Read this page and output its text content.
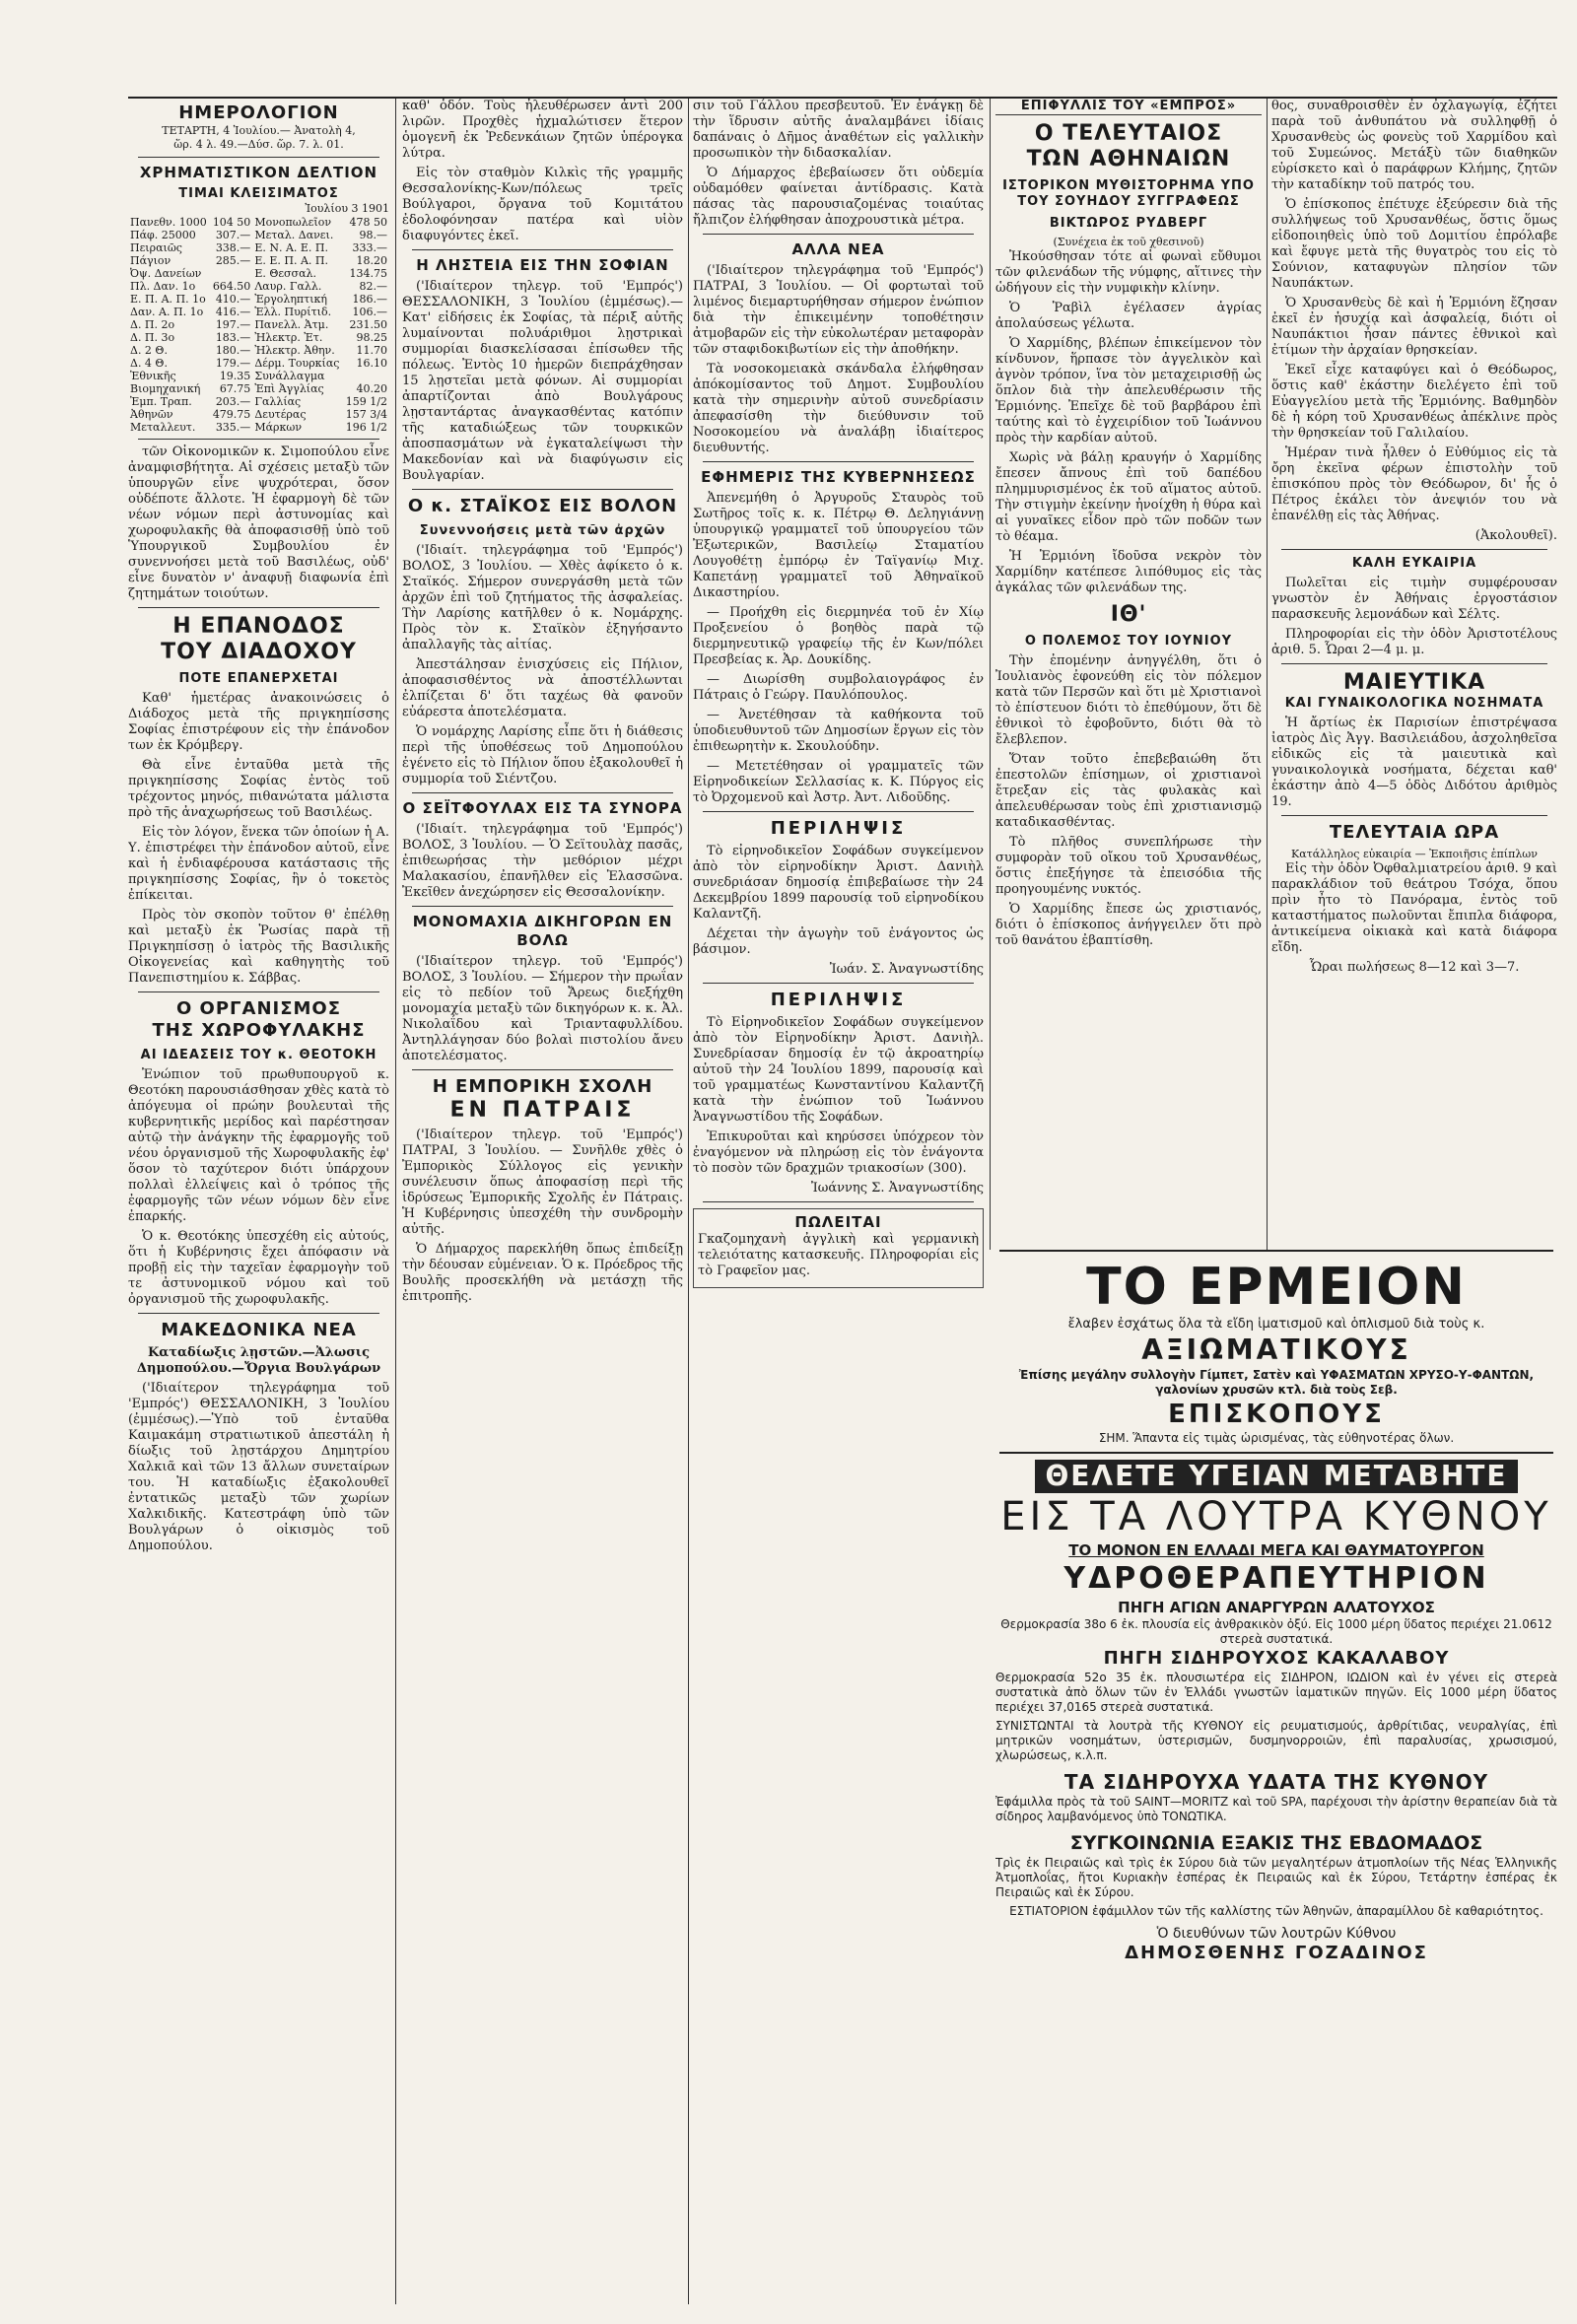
ΗΜΕΡΟΛΟΓΙΟΝ
ΤΕΤΑΡΤΗ, 4 Ἰουλίου.— Ἀνατολὴ 4,
ὥρ. 4 λ. 49.—Δύσ. ὥρ. 7. λ. 01.
ΧΡΗΜΑΤΙΣΤΙΚΟΝ ΔΕΛΤΙΟΝ
ΤΙΜΑΙ ΚΛΕΙΣΙΜΑΤΟΣ
Ἰουλίου 3 1901
Πανεθν. 1000	104 50	Μονοπωλεῖον	478 50
Πάφ. 25000	307.—	Μεταλ. Δανει.	98.—
Πειραιῶς	338.—	Ε. Ν. Α. Ε. Π.	333.—
Πάγιον	285.—	Ε. Ε. Π. Α. Π.	18.20
Ὀψ. Δανείων		Ε. Θεσσαλ.	134.75
Πλ. Δαν. 1ο	664.50	Λαυρ. Γαλλ.	82.—
Ε. Π. Α. Π. 1ο	410.—	Ἐργοληπτική	186.—
Δαν. Α. Π. 1ο	416.—	Ἑλλ. Πυρίτιδ.	106.—
Δ. Π. 2ο	197.—	Πανελλ. Ἀτμ.	231.50
Δ. Π. 3ο	183.—	Ἠλεκτρ. Ἐτ.	98.25
Δ. 2 Θ.	180.—	Ἠλεκτρ. Ἀθην.	11.70
Δ. 4 Θ.	179.—	Δέρμ. Τουρκίας	16.10
Ἐθνικῆς	19.35	Συνάλλαγμα	
Βιομηχανική	67.75	Ἐπὶ Ἀγγλίας	40.20
Ἐμπ. Τραπ.	203.—	Γαλλίας	159 1/2
Ἀθηνῶν	479.75	Δευτέρας	157 3/4
Μεταλλευτ.	335.—	Μάρκων	196 1/2

τῶν Οἰκονομικῶν κ. Σιμοπούλου εἶνε ἀναμφισβήτητα. Αἱ σχέσεις μεταξὺ τῶν ὑπουργῶν εἶνε ψυχρότεραι, ὅσον οὐδέποτε ἄλλοτε. Ἡ ἐφαρμογὴ δὲ τῶν νέων νόμων περὶ ἀστυνομίας καὶ χωροφυλακῆς θὰ ἀποφασισθῇ ὑπὸ τοῦ Ὑπουργικοῦ Συμβουλίου ἐν συνεννοήσει μετὰ τοῦ Βασιλέως, οὐδ' εἶνε δυνατὸν ν' ἀναφυῇ διαφωνία ἐπὶ ζητημάτων τοιούτων.

Η ΕΠΑΝΟΔΟΣ
ΤΟΥ ΔΙΑΔΟΧΟΥ
ΠΟΤΕ ΕΠΑΝΕΡΧΕΤΑΙ

Καθ' ἡμετέρας ἀνακοινώσεις ὁ Διάδοχος μετὰ τῆς πριγκηπίσσης Σοφίας ἐπιστρέφουν εἰς τὴν ἐπάνοδον των ἐκ Κρόμβεργ.

Θὰ εἶνε ἐνταῦθα μετὰ τῆς πριγκηπίσσης Σοφίας ἐντὸς τοῦ τρέχοντος μηνός, πιθανώτατα μάλιστα πρὸ τῆς ἀναχωρήσεως τοῦ Βασιλέως.

Εἰς τὸν λόγον, ἕνεκα τῶν ὁποίων ἡ Α. Υ. ἐπιστρέφει τὴν ἐπάνοδον αὐτοῦ, εἶνε καὶ ἡ ἐνδιαφέρουσα κατάστασις τῆς πριγκηπίσσης Σοφίας, ἣν ὁ τοκετὸς ἐπίκειται.

Πρὸς τὸν σκοπὸν τοῦτον θ' ἐπέλθῃ καὶ μεταξὺ ἐκ Ῥωσίας παρὰ τῇ Πριγκηπίσσῃ ὁ ἰατρὸς τῆς Βασιλικῆς Οἰκογενείας καὶ καθηγητὴς τοῦ Πανεπιστημίου κ. Σάββας.

Ο ΟΡΓΑΝΙΣΜΟΣ
ΤΗΣ ΧΩΡΟΦΥΛΑΚΗΣ
ΑΙ ΙΔΕΑΣΕΙΣ ΤΟΥ κ. ΘΕΟΤΟΚΗ

Ἐνώπιον τοῦ πρωθυπουργοῦ κ. Θεοτόκη παρουσιάσθησαν χθὲς κατὰ τὸ ἀπόγευμα οἱ πρώην βουλευταὶ τῆς κυβερνητικῆς μερίδος καὶ παρέστησαν αὐτῷ τὴν ἀνάγκην τῆς ἐφαρμογῆς τοῦ νέου ὀργανισμοῦ τῆς Χωροφυλακῆς ἐφ' ὅσον τὸ ταχύτερον διότι ὑπάρχουν πολλαὶ ἐλλείψεις καὶ ὁ τρόπος τῆς ἐφαρμογῆς τῶν νέων νόμων δὲν εἶνε ἐπαρκής.

Ὁ κ. Θεοτόκης ὑπεσχέθη εἰς αὐτούς, ὅτι ἡ Κυβέρνησις ἔχει ἀπόφασιν νὰ προβῇ εἰς τὴν ταχεῖαν ἐφαρμογὴν τοῦ τε ἀστυνομικοῦ νόμου καὶ τοῦ ὀργανισμοῦ τῆς χωροφυλακῆς.

ΜΑΚΕΔΟΝΙΚΑ ΝΕΑ

Καταδίωξις λῃστῶν.—Ἀλωσις Δημοπούλου.—Ὄργια Βουλγάρων

('Ιδιαίτερον τηλεγράφημα τοῦ 'Εμπρός') ΘΕΣΣΑΛΟΝΙΚΗ, 3 Ἰουλίου (ἐμμέσως).—Ὑπὸ τοῦ ἐνταῦθα Καιμακάμη στρατιωτικοῦ ἀπεστάλη ἡ δίωξις τοῦ λῃστάρχου Δημητρίου Χαλκιᾶ καὶ τῶν 13 ἄλλων συνεταίρων του. Ἡ καταδίωξις ἐξακολουθεῖ ἐντατικῶς μεταξὺ τῶν χωρίων Χαλκιδικῆς. Κατεστράφη ὑπὸ τῶν Βουλγάρων ὁ οἰκισμὸς τοῦ Δημοπούλου.

καθ' ὁδόν. Τοὺς ἠλευθέρωσεν ἀντὶ 200 λιρῶν. Προχθὲς ἠχμαλώτισεν ἕτερον ὁμογενῆ ἐκ Ῥεδενκάιων ζητῶν ὑπέρογκα λύτρα.

Εἰς τὸν σταθμὸν Κιλκὶς τῆς γραμμῆς Θεσσαλονίκης-Κων/πόλεως τρεῖς Βούλγαροι, ὄργανα τοῦ Κομιτάτου ἐδολοφόνησαν πατέρα καὶ υἱὸν διαφυγόντες ἐκεῖ.

Η ΛΗΣΤΕΙΑ ΕΙΣ ΤΗΝ ΣΟΦΙΑΝ

('Ιδιαίτερον τηλεγρ. τοῦ 'Εμπρός') ΘΕΣΣΑΛΟΝΙΚΗ, 3 Ἰουλίου (ἐμμέσως).—Κατ' εἰδήσεις ἐκ Σοφίας, τὰ πέριξ αὐτῆς λυμαίνονται πολυάριθμοι λῃστρικαὶ συμμορίαι διασκελίσασαι ἐπίσωθεν τῆς πόλεως. Ἐντὸς 10 ἡμερῶν διεπράχθησαν 15 λῃστεῖαι μετὰ φόνων. Αἱ συμμορίαι ἀπαρτίζονται ἀπὸ Βουλγάρους λῃσταντάρτας ἀναγκασθέντας κατόπιν τῆς καταδιώξεως τῶν τουρκικῶν ἀποσπασμάτων νὰ ἐγκαταλείψωσι τὴν Μακεδονίαν καὶ νὰ διαφύγωσιν εἰς Βουλγαρίαν.

Ο κ. ΣΤΑΪΚΟΣ ΕΙΣ ΒΟΛΟΝ
Συνεννοήσεις μετὰ τῶν ἀρχῶν

('Ιδιαίτ. τηλεγράφημα τοῦ 'Εμπρός') ΒΟΛΟΣ, 3 Ἰουλίου. — Χθὲς ἀφίκετο ὁ κ. Σταϊκός. Σήμερον συνεργάσθη μετὰ τῶν ἀρχῶν ἐπὶ τοῦ ζητήματος τῆς ἀσφαλείας. Τὴν Λαρίσης κατῆλθεν ὁ κ. Νομάρχης. Πρὸς τὸν κ. Σταϊκὸν ἐξηγήσαντο ἀπαλλαγῆς τὰς αἰτίας.

Ἀπεστάλησαν ἐνισχύσεις εἰς Πήλιον, ἀποφασισθέντος νὰ ἀποστέλλωνται ἐλπίζεται δ' ὅτι ταχέως θὰ φανοῦν εὐάρεστα ἀποτελέσματα.

Ὁ νομάρχης Λαρίσης εἶπε ὅτι ἡ διάθεσις περὶ τῆς ὑποθέσεως τοῦ Δημοπούλου ἐγένετο εἰς τὸ Πήλιον ὅπου ἐξακολουθεῖ ἡ συμμορία τοῦ Σιέντζου.

Ο ΣΕΪΤΦΟΥΛΑΧ ΕΙΣ ΤΑ ΣΥΝΟΡΑ

('Ιδιαίτ. τηλεγράφημα τοῦ 'Εμπρός') ΒΟΛΟΣ, 3 Ἰουλίου. — Ὁ Σεϊτουλὰχ πασᾶς, ἐπιθεωρήσας τὴν μεθόριον μέχρι Μαλακασίου, ἐπανῆλθεν εἰς Ἐλασσῶνα. Ἐκεῖθεν ἀνεχώρησεν εἰς Θεσσαλονίκην.

ΜΟΝΟΜΑΧΙΑ ΔΙΚΗΓΟΡΩΝ ΕΝ ΒΟΛΩ

('Ιδιαίτερον τηλεγρ. τοῦ 'Εμπρός') ΒΟΛΟΣ, 3 Ἰουλίου. — Σήμερον τὴν πρωΐαν εἰς τὸ πεδίον τοῦ Ἄρεως διεξήχθη μονομαχία μεταξὺ τῶν δικηγόρων κ. κ. Ἀλ. Νικολαΐδου καὶ Τριανταφυλλίδου. Ἀντηλλάγησαν δύο βολαὶ πιστολίου ἄνευ ἀποτελέσματος.

Η ΕΜΠΟΡΙΚΗ ΣΧΟΛΗ
ΕΝ ΠΑΤΡΑΙΣ

('Ιδιαίτερον τηλεγρ. τοῦ 'Εμπρός') ΠΑΤΡΑΙ, 3 Ἰουλίου. — Συνῆλθε χθὲς ὁ Ἐμπορικὸς Σύλλογος εἰς γενικὴν συνέλευσιν ὅπως ἀποφασίσῃ περὶ τῆς ἱδρύσεως Ἐμπορικῆς Σχολῆς ἐν Πάτραις. Ἡ Κυβέρνησις ὑπεσχέθη τὴν συνδρομὴν αὐτῆς.

Ὁ Δήμαρχος παρεκλήθη ὅπως ἐπιδείξῃ τὴν δέουσαν εὐμένειαν. Ὁ κ. Πρόεδρος τῆς Βουλῆς προσεκλήθη νὰ μετάσχῃ τῆς ἐπιτροπῆς.

σιν τοῦ Γάλλου πρεσβευτοῦ. Ἐν ἐνάγκῃ δὲ τὴν ἵδρυσιν αὐτῆς ἀναλαμβάνει ἰδίαις δαπάναις ὁ Δῆμος ἀναθέτων εἰς γαλλικὴν προσωπικὸν τὴν διδασκαλίαν.

Ὁ Δήμαρχος ἐβεβαίωσεν ὅτι οὐδεμία οὐδαμόθεν φαίνεται ἀντίδρασις. Κατὰ πάσας τὰς παρουσιαζομένας τοιαύτας ἤλπιζον ἐλήφθησαν ἀποχρουστικὰ μέτρα.

ΑΛΛΑ ΝΕΑ

('Ιδιαίτερον τηλεγράφημα τοῦ 'Εμπρός') ΠΑΤΡΑΙ, 3 Ἰουλίου. — Οἱ φορτωταὶ τοῦ λιμένος διεμαρτυρήθησαν σήμερον ἐνώπιον διὰ τὴν ἐπικειμένην τοποθέτησιν ἀτμοβαρῶν εἰς τὴν εὐκολωτέραν μεταφορὰν τῶν σταφιδοκιβωτίων εἰς τὴν ἀποθήκην.

Τὰ νοσοκομειακὰ σκάνδαλα ἐλήφθησαν ἀπόκομίσαντος τοῦ Δημοτ. Συμβουλίου κατὰ τὴν σημερινὴν αὐτοῦ συνεδρίασιν ἀπεφασίσθη τὴν διεύθυνσιν τοῦ Νοσοκομείου νὰ ἀναλάβῃ ἰδιαίτερος διευθυντής.

ΕΦΗΜΕΡΙΣ ΤΗΣ ΚΥΒΕΡΝΗΣΕΩΣ

Ἀπενεμήθη ὁ Ἀργυροῦς Σταυρὸς τοῦ Σωτῆρος τοῖς κ. κ. Πέτρῳ Θ. Δεληγιάννῃ ὑπουργικῷ γραμματεῖ τοῦ ὑπουργείου τῶν Ἐξωτερικῶν, Βασιλείῳ Σταματίου Λουγοθέτῃ ἐμπόρῳ ἐν Ταϊγανίῳ Μιχ. Καπετάνῃ γραμματεῖ τοῦ Ἀθηναϊκοῦ Δικαστηρίου.

— Προήχθη εἰς διερμηνέα τοῦ ἐν Χίῳ Προξενείου ὁ βοηθὸς παρὰ τῷ διερμηνευτικῷ γραφείῳ τῆς ἐν Κων/πόλει Πρεσβείας κ. Ἀρ. Δουκίδης.

— Διωρίσθη συμβολαιογράφος ἐν Πάτραις ὁ Γεώργ. Παυλόπουλος.

— Ἀνετέθησαν τὰ καθήκοντα τοῦ ὑποδιευθυντοῦ τῶν Δημοσίων ἔργων εἰς τὸν ἐπιθεωρητὴν κ. Σκουλούδην.

— Μετετέθησαν οἱ γραμματεῖς τῶν Εἰρηνοδικείων Σελλασίας κ. Κ. Πύργος εἰς τὸ Ὀρχομενοῦ καὶ Ἀστρ. Ἀντ. Λιδοῦδης.

ΠΕΡΙΛΗΨΙΣ

Τὸ εἰρηνοδικεῖον Σοφάδων συγκείμενον ἀπὸ τὸν εἰρηνοδίκην Ἀριστ. Δανιὴλ συνεδριάσαν δημοσίᾳ ἐπιβεβαίωσε τὴν 24 Δεκεμβρίου 1899 παρουσίᾳ τοῦ εἰρηνοδίκου Καλαντζῆ.

Δέχεται τὴν ἀγωγὴν τοῦ ἐνάγοντος ὡς βάσιμον.

Ἰωάν. Σ. Ἀναγνωστίδης

ΠΕΡΙΛΗΨΙΣ

Τὸ Εἰρηνοδικεῖον Σοφάδων συγκείμενον ἀπὸ τὸν Εἰρηνοδίκην Ἀριστ. Δανιὴλ. Συνεδρίασαν δημοσίᾳ ἐν τῷ ἀκροατηρίῳ αὐτοῦ τὴν 24 Ἰουλίου 1899, παρουσίᾳ καὶ τοῦ γραμματέως Κωνσταντίνου Καλαντζῆ κατὰ τὴν ἐνώπιον τοῦ Ἰωάννου Ἀναγνωστίδου τῆς Σοφάδων.

Ἐπικυροῦται καὶ κηρύσσει ὑπόχρεον τὸν ἐναγόμενον νὰ πληρώσῃ εἰς τὸν ἐνάγοντα τὸ ποσὸν τῶν δραχμῶν τριακοσίων (300).

Ἰωάννης Σ. Ἀναγνωστίδης

ΠΩΛΕΙΤΑΙ

Γκαζομηχανὴ ἀγγλικὴ καὶ γερμανικὴ τελειότατης κατασκευῆς. Πληροφορίαι εἰς τὸ Γραφεῖον μας.

ΕΠΙΦΥΛΛΙΣ ΤΟΥ «ΕΜΠΡΟΣ»
Ο ΤΕΛΕΥΤΑΙΟΣ
ΤΩΝ ΑΘΗΝΑΙΩΝ
ΙΣΤΟΡΙΚΟΝ ΜΥΘΙΣΤΟΡΗΜΑ ΥΠΟ ΤΟΥ ΣΟΥΗΔΟΥ ΣΥΓΓΡΑΦΕΩΣ
ΒΙΚΤΩΡΟΣ ΡΥΔΒΕΡΓ
(Συνέχεια ἐκ τοῦ χθεσινοῦ)

Ἠκούσθησαν τότε αἱ φωναὶ εὔθυμοι τῶν φιλενάδων τῆς νύμφης, αἵτινες τὴν ὡδήγουν εἰς τὴν νυμφικὴν κλίνην.

Ὁ Ῥαβὶλ ἐγέλασεν ἀγρίας ἀπολαύσεως γέλωτα.

Ὁ Χαρμίδης, βλέπων ἐπικείμενον τὸν κίνδυνον, ἥρπασε τὸν ἀγγελικὸν καὶ ἀγνὸν τρόπον, ἵνα τὸν μεταχειρισθῇ ὡς ὅπλον διὰ τὴν ἀπελευθέρωσιν τῆς Ἑρμιόνης. Ἐπεῖχε δὲ τοῦ βαρβάρου ἐπὶ ταύτης καὶ τὸ ἐγχειρίδιον τοῦ Ἰωάννου πρὸς τὴν καρδίαν αὐτοῦ.

Χωρὶς νὰ βάλῃ κραυγήν ὁ Χαρμίδης ἔπεσεν ἄπνους ἐπὶ τοῦ δαπέδου πλημμυρισμένος ἐκ τοῦ αἵματος αὐτοῦ. Τὴν στιγμὴν ἐκείνην ἠνοίχθη ἡ θύρα καὶ αἱ γυναῖκες εἶδον πρὸ τῶν ποδῶν των τὸ θέαμα.

Ἡ Ἑρμιόνη ἴδοῦσα νεκρὸν τὸν Χαρμίδην κατέπεσε λιπόθυμος εἰς τὰς ἀγκάλας τῶν φιλενάδων της.

ΙΘ'
Ο ΠΟΛΕΜΟΣ ΤΟΥ ΙΟΥΝΙΟΥ

Τὴν ἐπομένην ἀνηγγέλθη, ὅτι ὁ Ἰουλιανὸς ἐφονεύθη εἰς τὸν πόλεμον κατὰ τῶν Περσῶν καὶ ὅτι μὲ Χριστιανοὶ τὸ ἐπίστευον διότι τὸ ἐπεθύμουν, ὅτι δὲ ἐθνικοὶ τὸ ἐφοβοῦντο, διότι θὰ τὸ ἔλεβλεπον.

Ὅταν τοῦτο ἐπεβεβαιώθη ὅτι ἐπεστολῶν ἐπίσημων, οἱ χριστιανοὶ ἔτρεξαν εἰς τὰς φυλακὰς καὶ ἀπελευθέρωσαν τοὺς ἐπὶ χριστιανισμῷ καταδικασθέντας.

Τὸ πλῆθος συνεπλήρωσε τὴν συμφορὰν τοῦ οἴκου τοῦ Χρυσανθέως, ὅστις ἐπεξήγησε τὰ ἐπεισόδια τῆς προηγουμένης νυκτός.

Ὁ Χαρμίδης ἔπεσε ὡς χριστιανός, διότι ὁ ἐπίσκοπος ἀνήγγειλεν ὅτι πρὸ τοῦ θανάτου ἐβαπτίσθη.

θος, συναθροισθὲν ἐν ὀχλαγωγίᾳ, ἐζήτει παρὰ τοῦ ἀνθυπάτου νὰ συλληφθῇ ὁ Χρυσανθεὺς ὡς φονεὺς τοῦ Χαρμίδου καὶ τοῦ Συμεώνος. Μετάξὺ τῶν διαθηκῶν εὑρίσκετο καὶ ὁ παράφρων Κλήμης, ζητῶν τὴν καταδίκην τοῦ πατρός του.

Ὁ ἐπίσκοπος ἐπέτυχε ἐξεύρεσιν διὰ τῆς συλλήψεως τοῦ Χρυσανθέως, ὅστις ὅμως εἰδοποιηθεὶς ὑπὸ τοῦ Δομιτίου ἐπρόλαβε καὶ ἔφυγε μετὰ τῆς θυγατρὸς του εἰς τὸ Σούνιον, καταφυγὼν πλησίον τῶν Ναυπάκτων.

Ὁ Χρυσανθεὺς δὲ καὶ ἡ Ἑρμιόνη ἔζησαν ἐκεῖ ἐν ἡσυχίᾳ καὶ ἀσφαλείᾳ, διότι οἱ Ναυπάκτιοι ἦσαν πάντες ἐθνικοὶ καὶ ἐτίμων τὴν ἀρχαίαν θρησκείαν.

Ἐκεῖ εἶχε καταφύγει καὶ ὁ Θεόδωρος, ὅστις καθ' ἑκάστην διελέγετο ἐπὶ τοῦ Εὐαγγελίου μετὰ τῆς Ἑρμιόνης. Βαθμηδὸν δὲ ἡ κόρη τοῦ Χρυσανθέως ἀπέκλινε πρὸς τὴν θρησκείαν τοῦ Γαλιλαίου.

Ἡμέραν τινὰ ἦλθεν ὁ Εὐθύμιος εἰς τὰ ὄρη ἐκεῖνα φέρων ἐπιστολὴν τοῦ ἐπισκόπου πρὸς τὸν Θεόδωρον, δι' ἧς ὁ Πέτρος ἐκάλει τὸν ἀνεψιόν του νὰ ἐπανέλθῃ εἰς τὰς Ἀθήνας.

(Ἀκολουθεῖ).

ΚΑΛΗ ΕΥΚΑΙΡΙΑ

Πωλεῖται εἰς τιμὴν συμφέρουσαν γνωστὸν ἐν Ἀθήναις ἐργοστάσιον παρασκευῆς λεμονάδων καὶ Σέλτς.

Πληροφορίαι εἰς τὴν ὁδὸν Ἀριστοτέλους ἀριθ. 5. Ὧραι 2—4 μ. μ.

ΜΑΙΕΥΤΙΚΑ
ΚΑΙ ΓΥΝΑΙΚΟΛΟΓΙΚΑ ΝΟΣΗΜΑΤΑ

Ἡ ἄρτίως ἐκ Παρισίων ἐπιστρέψασα ἰατρὸς Δὶς Ἀγγ. Βασιλειάδου, ἀσχοληθεῖσα εἰδικῶς εἰς τὰ μαιευτικὰ καὶ γυναικολογικὰ νοσήματα, δέχεται καθ' ἑκάστην ἀπὸ 4—5 ὁδὸς Διδότου ἀριθμὸς 19.

ΤΕΛΕΥΤΑΙΑ ΩΡΑ
Κατάλληλος εὐκαιρία — Ἐκποιῆσις ἐπίπλων

Εἰς τὴν ὁδὸν Ὀφθαλμιατρείου ἀριθ. 9 καὶ παρακλάδιον τοῦ θεάτρου Τσόχα, ὅπου πρὶν ἦτο τὸ Πανόραμα, ἐντὸς τοῦ καταστήματος πωλοῦνται ἔπιπλα διάφορα, ἀντικείμενα οἰκιακὰ καὶ κατὰ διάφορα εἴδη.

Ὧραι πωλήσεως 8—12 καὶ 3—7.

ΤΟ ΕΡΜΕΙΟΝ
ἔλαβεν ἐσχάτως ὅλα τὰ εἴδη ἱματισμοῦ καὶ ὁπλισμοῦ διὰ τοὺς κ.
ΑΞΙΩΜΑΤΙΚΟΥΣ
Ἐπίσης μεγάλην συλλογὴν Γίμπετ, Σατὲν καὶ ΥΦΑΣΜΑΤΩΝ ΧΡΥΣΟ-Υ-ΦΑΝΤΩΝ, γαλονίων χρυσῶν κτλ. διὰ τοὺς Σεβ.
ΕΠΙΣΚΟΠΟΥΣ
ΣΗΜ. Ἅπαντα εἰς τιμὰς ὡρισμένας, τὰς εὐθηνοτέρας ὅλων.
ΘΕΛΕΤΕ ΥΓΕΙΑΝ ΜΕΤΑΒΗΤΕ
ΕΙΣ ΤΑ ΛΟΥΤΡΑ ΚΥΘΝΟΥ
ΤΟ ΜΟΝΟΝ ΕΝ ΕΛΛΑΔΙ ΜΕΓΑ ΚΑΙ ΘΑΥΜΑΤΟΥΡΓΟΝ
ΥΔΡΟΘΕΡΑΠΕΥΤΗΡΙΟΝ
ΠΗΓΗ ΑΓΙΩΝ ΑΝΑΡΓΥΡΩΝ ΑΛΑΤΟΥΧΟΣ
Θερμοκρασία 38ο 6 ἐκ. πλουσία εἰς ἀνθρακικὸν ὀξύ. Εἰς 1000 μέρη ὕδατος περιέχει 21.0612 στερεὰ συστατικά.
ΠΗΓΗ ΣΙΔΗΡΟΥΧΟΣ ΚΑΚΑΛΑΒΟΥ
Θερμοκρασία 52ο 35 ἐκ. πλουσιωτέρα εἰς ΣΙΔΗΡΟΝ, ΙΩΔΙΟΝ καὶ ἐν γένει εἰς στερεὰ συστατικὰ ἀπὸ ὅλων τῶν ἐν Ἑλλάδι γνωστῶν ἰαματικῶν πηγῶν. Εἰς 1000 μέρη ὕδατος περιέχει 37,0165 στερεὰ συστατικά.
ΣΥΝΙΣΤΩΝΤΑΙ τὰ λουτρὰ τῆς ΚΥΘΝΟΥ εἰς ρευματισμούς, ἀρθρίτιδας, νευραλγίας, ἐπὶ μητρικῶν νοσημάτων, ὑστερισμῶν, δυσμηνορροιῶν, ἐπὶ παραλυσίας, χρωσισμού, χλωρώσεως, κ.λ.π.
ΤΑ ΣΙΔΗΡΟΥΧΑ ΥΔΑΤΑ ΤΗΣ ΚΥΘΝΟΥ
Ἐφάμιλλα πρὸς τὰ τοῦ SAINT—MORITZ καὶ τοῦ SPA, παρέχουσι τὴν ἀρίστην θεραπείαν διὰ τὰ σίδηρος λαμβανόμενος ὑπὸ ΤΟΝΩΤΙΚΑ.
ΣΥΓΚΟΙΝΩΝΙΑ ΕΞΑΚΙΣ ΤΗΣ ΕΒΔΟΜΑΔΟΣ
Τρὶς ἐκ Πειραιῶς καὶ τρὶς ἐκ Σύρου διὰ τῶν μεγαλητέρων ἀτμοπλοίων τῆς Νέας Ἑλληνικῆς Ἀτμοπλοΐας, ἤτοι Κυριακὴν ἐσπέρας ἐκ Πειραιῶς καὶ ἐκ Σύρου, Τετάρτην ἑσπέρας ἐκ Πειραιῶς καὶ ἐκ Σύρου.
ΕΣΤΙΑΤΟΡΙΟΝ ἐφάμιλλον τῶν τῆς καλλίστης τῶν Ἀθηνῶν, ἀπαραμίλλου δὲ καθαριότητος.
Ὁ διευθύνων τῶν λουτρῶν Κύθνου
ΔΗΜΟΣΘΕΝΗΣ ΓΟΖΑΔΙΝΟΣ
